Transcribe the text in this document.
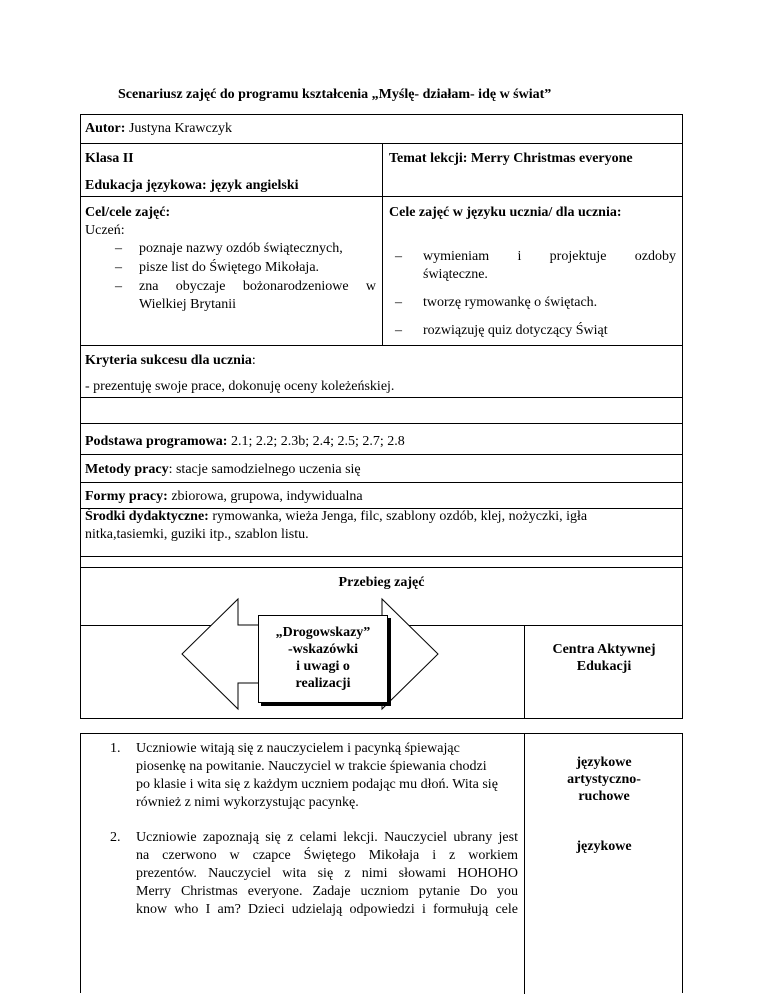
Scenariusz zajęć do programu kształcenia „Myślę- działam- idę w świat”
Autor: Justyna Krawczyk
Klasa II	Temat lekcji: Merry Christmas everyone
Edukacja językowa: język angielski
Cel/cele zajęć:
Uczeń:
– poznaje nazwy ozdób świątecznych,
– pisze list do Świętego Mikołaja.
– zna obyczaje bożonarodzeniowe w
Wielkiej Brytanii
Cele zajęć w języku ucznia/ dla ucznia:
– wymieniam i projektuje ozdoby
świąteczne.
– tworzę rymowankę o świętach.
– rozwiązuję quiz dotyczący Świąt
Kryteria sukcesu dla ucznia:
- prezentuję swoje prace, dokonuję oceny koleżeńskiej.
Podstawa programowa: 2.1; 2.2; 2.3b; 2.4; 2.5; 2.7; 2.8
Metody pracy: stacje samodzielnego uczenia się
Formy pracy: zbiorowa, grupowa, indywidualna
Środki dydaktyczne: rymowanka, wieża Jenga, filc, szablony ozdób, klej, nożyczki, igła
nitka,tasiemki, guziki itp., szablon listu.
Przebieg zajęć
„Drogowskazy”
-wskazówki
i uwagi o
realizacji
Centra Aktywnej
Edukacji
1. Uczniowie witają się z nauczycielem i pacynką śpiewając
piosenkę na powitanie. Nauczyciel w trakcie śpiewania chodzi
po klasie i wita się z każdym uczniem podając mu dłoń. Wita się
również z nimi wykorzystując pacynkę.
językowe
artystyczno-
ruchowe
2. Uczniowie zapoznają się z celami lekcji. Nauczyciel ubrany jest
na czerwono w czapce Świętego Mikołaja i z workiem
prezentów. Nauczyciel wita się z nimi słowami HOHOHO
Merry Christmas everyone. Zadaje uczniom pytanie Do you
know who I am? Dzieci udzielają odpowiedzi i formułują cele
językowe
